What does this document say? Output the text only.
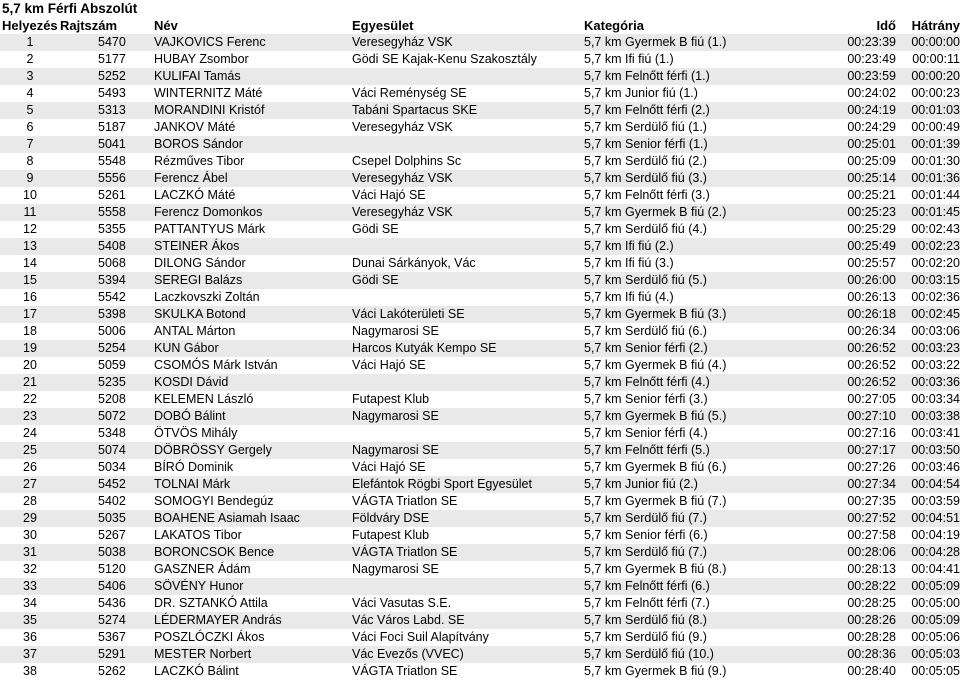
5,7 km Férfi Abszolút
Helyezés	Rajtszám	Név	Egyesület	Kategória	Idő	Hátrány
1	5470	VAJKOVICS Ferenc	Veresegyház VSK	5,7 km Gyermek B fiú (1.)	00:23:39	00:00:00
2	5177	HUBAY Zsombor	Gödi SE Kajak-Kenu Szakosztály	5,7 km Ifi fiú (1.)	00:23:49	00:00:11
3	5252	KULIFAI Tamás		5,7 km Felnőtt férfi (1.)	00:23:59	00:00:20
4	5493	WINTERNITZ Máté	Váci Reménység SE	5,7 km Junior fiú (1.)	00:24:02	00:00:23
5	5313	MORANDINI Kristóf	Tabáni Spartacus SKE	5,7 km Felnőtt férfi (2.)	00:24:19	00:01:03
6	5187	JANKOV Máté	Veresegyház VSK	5,7 km Serdülő fiú (1.)	00:24:29	00:00:49
7	5041	BOROS Sándor		5,7 km Senior férfi (1.)	00:25:01	00:01:39
8	5548	Rézműves Tibor	Csepel Dolphins Sc	5,7 km Serdülő fiú (2.)	00:25:09	00:01:30
9	5556	Ferencz Ábel	Veresegyház VSK	5,7 km Serdülő fiú (3.)	00:25:14	00:01:36
10	5261	LACZKÓ Máté	Váci Hajó SE	5,7 km Felnőtt férfi (3.)	00:25:21	00:01:44
11	5558	Ferencz Domonkos	Veresegyház VSK	5,7 km Gyermek B fiú (2.)	00:25:23	00:01:45
12	5355	PATTANTYUS Márk	Gödi SE	5,7 km Serdülő fiú (4.)	00:25:29	00:02:43
13	5408	STEINER Ákos		5,7 km Ifi fiú (2.)	00:25:49	00:02:23
14	5068	DILONG Sándor	Dunai Sárkányok, Vác	5,7 km Ifi fiú (3.)	00:25:57	00:02:20
15	5394	SEREGI Balázs	Gödi SE	5,7 km Serdülő fiú (5.)	00:26:00	00:03:15
16	5542	Laczkovszki Zoltán		5,7 km Ifi fiú (4.)	00:26:13	00:02:36
17	5398	SKULKA Botond	Váci Lakóterületi SE	5,7 km Gyermek B fiú (3.)	00:26:18	00:02:45
18	5006	ANTAL Márton	Nagymarosi SE	5,7 km Serdülő fiú (6.)	00:26:34	00:03:06
19	5254	KUN Gábor	Harcos Kutyák Kempo SE	5,7 km Senior férfi (2.)	00:26:52	00:03:23
20	5059	CSOMÓS Márk István	Váci Hajó SE	5,7 km Gyermek B fiú (4.)	00:26:52	00:03:22
21	5235	KOSDI Dávid		5,7 km Felnőtt férfi (4.)	00:26:52	00:03:36
22	5208	KELEMEN László	Futapest Klub	5,7 km Senior férfi (3.)	00:27:05	00:03:34
23	5072	DOBÓ Bálint	Nagymarosi SE	5,7 km Gyermek B fiú (5.)	00:27:10	00:03:38
24	5348	ÖTVÖS Mihály		5,7 km Senior férfi (4.)	00:27:16	00:03:41
25	5074	DÖBRÖSSY Gergely	Nagymarosi SE	5,7 km Felnőtt férfi (5.)	00:27:17	00:03:50
26	5034	BÍRÓ Dominik	Váci Hajó SE	5,7 km Gyermek B fiú (6.)	00:27:26	00:03:46
27	5452	TOLNAI Márk	Elefántok Rögbi Sport Egyesület	5,7 km Junior fiú (2.)	00:27:34	00:04:54
28	5402	SOMOGYI Bendegúz	VÁGTA Triatlon SE	5,7 km Gyermek B fiú (7.)	00:27:35	00:03:59
29	5035	BOAHENE Asiamah Isaac	Földváry DSE	5,7 km Serdülő fiú (7.)	00:27:52	00:04:51
30	5267	LAKATOS Tibor	Futapest Klub	5,7 km Senior férfi (6.)	00:27:58	00:04:19
31	5038	BORONCSOK Bence	VÁGTA Triatlon SE	5,7 km Serdülő fiú (7.)	00:28:06	00:04:28
32	5120	GASZNER Ádám	Nagymarosi SE	5,7 km Gyermek B fiú (8.)	00:28:13	00:04:41
33	5406	SÖVÉNY Hunor		5,7 km Felnőtt férfi (6.)	00:28:22	00:05:09
34	5436	DR. SZTANKÓ Attila	Váci Vasutas S.E.	5,7 km Felnőtt férfi (7.)	00:28:25	00:05:00
35	5274	LÉDERMAYER András	Vác Város Labd. SE	5,7 km Serdülő fiú (8.)	00:28:26	00:05:09
36	5367	POSZLÓCZKI Ákos	Váci Foci Suil Alapítvány	5,7 km Serdülő fiú (9.)	00:28:28	00:05:06
37	5291	MESTER Norbert	Vác Evezős (VVEC)	5,7 km Serdülő fiú (10.)	00:28:36	00:05:03
38	5262	LACZKÓ Bálint	VÁGTA Triatlon SE	5,7 km Gyermek B fiú (9.)	00:28:40	00:05:05
